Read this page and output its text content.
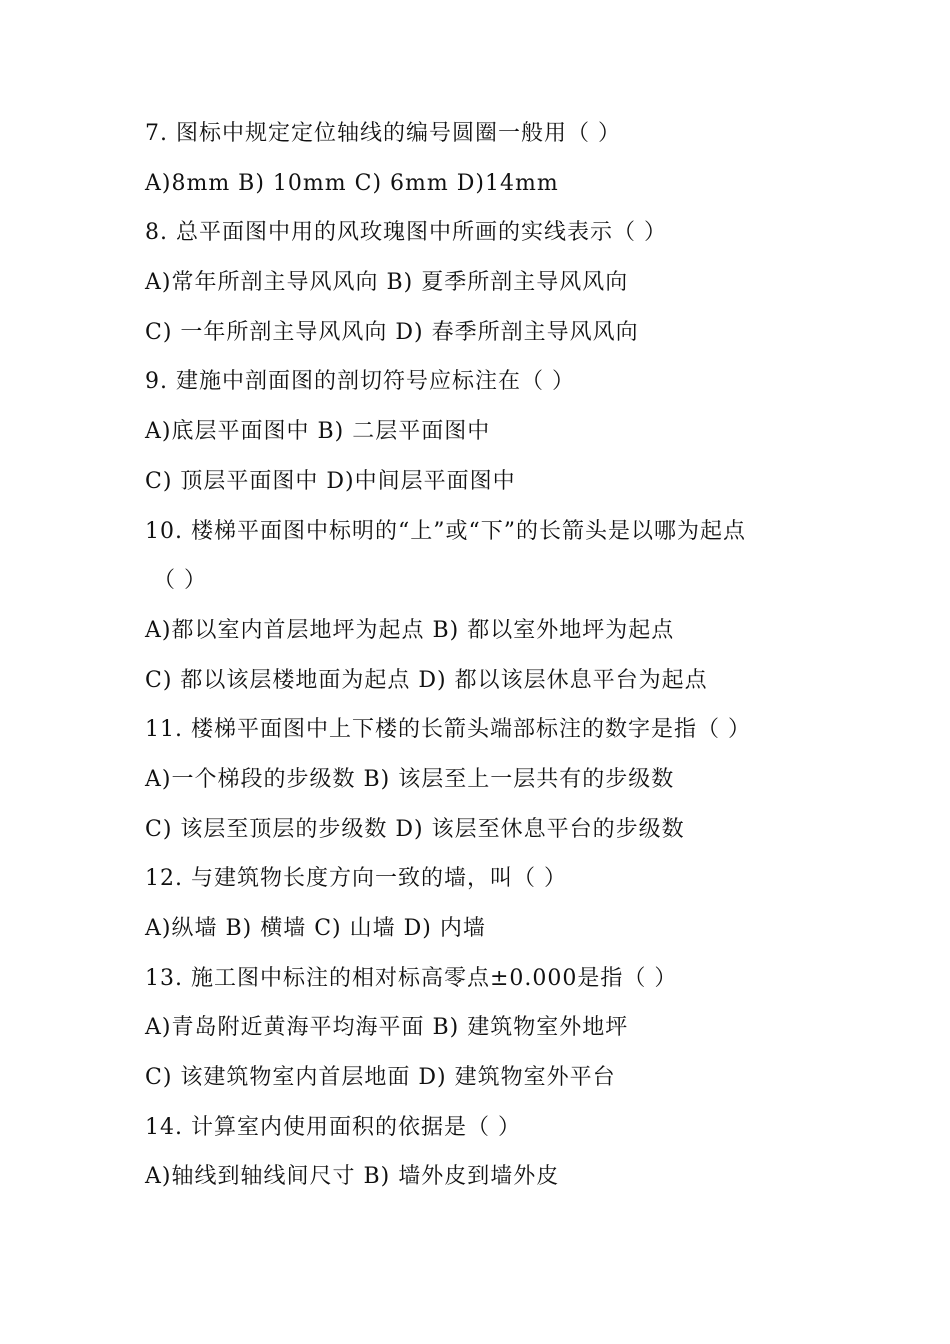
7. 图标中规定定位轴线的编号圆圈一般用（ ）
A)8mm B) 10mm C) 6mm D)14mm
8. 总平面图中用的风玫瑰图中所画的实线表示（ ）
A)常年所剖主导风风向 B) 夏季所剖主导风风向
C) 一年所剖主导风风向 D) 春季所剖主导风风向
9. 建施中剖面图的剖切符号应标注在（ ）
A)底层平面图中 B) 二层平面图中
C) 顶层平面图中 D)中间层平面图中
10. 楼梯平面图中标明的“上”或“下”的长箭头是以哪为起点
（ ）
A)都以室内首层地坪为起点 B) 都以室外地坪为起点
C) 都以该层楼地面为起点 D) 都以该层休息平台为起点
11. 楼梯平面图中上下楼的长箭头端部标注的数字是指（ ）
A)一个梯段的步级数 B) 该层至上一层共有的步级数
C) 该层至顶层的步级数 D) 该层至休息平台的步级数
12. 与建筑物长度方向一致的墙，叫（ ）
A)纵墙 B) 横墙 C) 山墙 D) 内墙
13. 施工图中标注的相对标高零点±0.000是指（ ）
A)青岛附近黄海平均海平面 B) 建筑物室外地坪
C) 该建筑物室内首层地面 D) 建筑物室外平台
14. 计算室内使用面积的依据是（ ）
A)轴线到轴线间尺寸 B) 墙外皮到墙外皮
